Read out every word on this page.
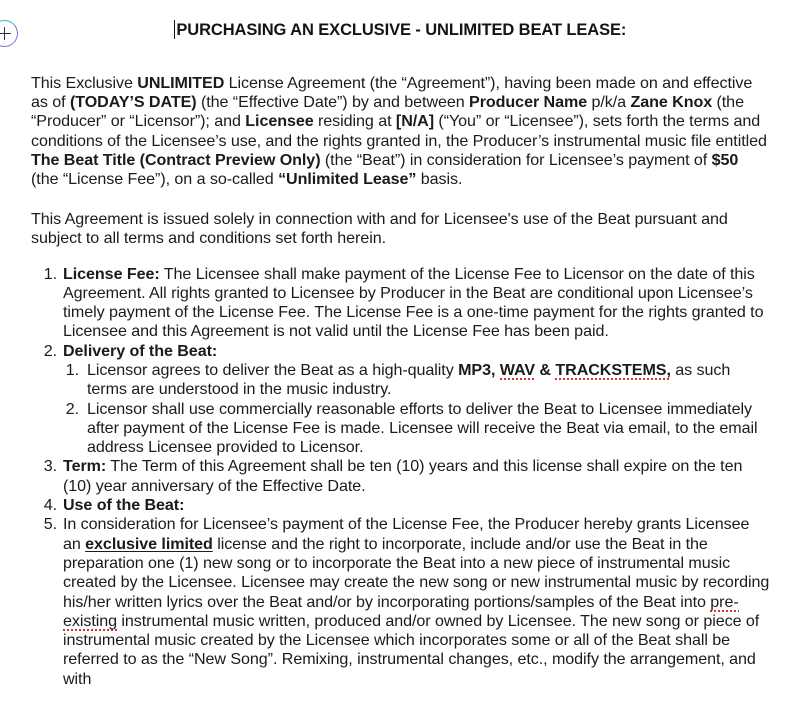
PURCHASING AN EXCLUSIVE - UNLIMITED BEAT LEASE:

This Exclusive UNLIMITED License Agreement (the “Agreement”), having been made on and effective as of (TODAY’S DATE) (the “Effective Date”) by and between Producer Name p/k/a Zane Knox (the “Producer” or “Licensor”); and Licensee residing at [N/A] (“You” or “Licensee”), sets forth the terms and conditions of the Licensee’s use, and the rights granted in, the Producer’s instrumental music file entitled The Beat Title (Contract Preview Only) (the “Beat”) in consideration for Licensee’s payment of $50 (the “License Fee”), on a so-called “Unlimited Lease” basis.

This Agreement is issued solely in connection with and for Licensee's use of the Beat pursuant and subject to all terms and conditions set forth herein.

License Fee: The Licensee shall make payment of the License Fee to Licensor on the date of this Agreement. All rights granted to Licensee by Producer in the Beat are conditional upon Licensee’s timely payment of the License Fee. The License Fee is a one-time payment for the rights granted to Licensee and this Agreement is not valid until the License Fee has been paid.
Delivery of the Beat:
Licensor agrees to deliver the Beat as a high-quality MP3, WAV & TRACKSTEMS, as such terms are understood in the music industry.
Licensor shall use commercially reasonable efforts to deliver the Beat to Licensee immediately after payment of the License Fee is made. Licensee will receive the Beat via email, to the email address Licensee provided to Licensor.
Term: The Term of this Agreement shall be ten (10) years and this license shall expire on the ten (10) year anniversary of the Effective Date.
Use of the Beat:
In consideration for Licensee’s payment of the License Fee, the Producer hereby grants Licensee an exclusive limited license and the right to incorporate, include and/or use the Beat in the preparation one (1) new song or to incorporate the Beat into a new piece of instrumental music created by the Licensee. Licensee may create the new song or new instrumental music by recording his/her written lyrics over the Beat and/or by incorporating portions/samples of the Beat into pre-existing instrumental music written, produced and/or owned by Licensee. The new song or piece of instrumental music created by the Licensee which incorporates some or all of the Beat shall be referred to as the “New Song”. Remixing, instrumental changes, etc., modify the arrangement, and with
